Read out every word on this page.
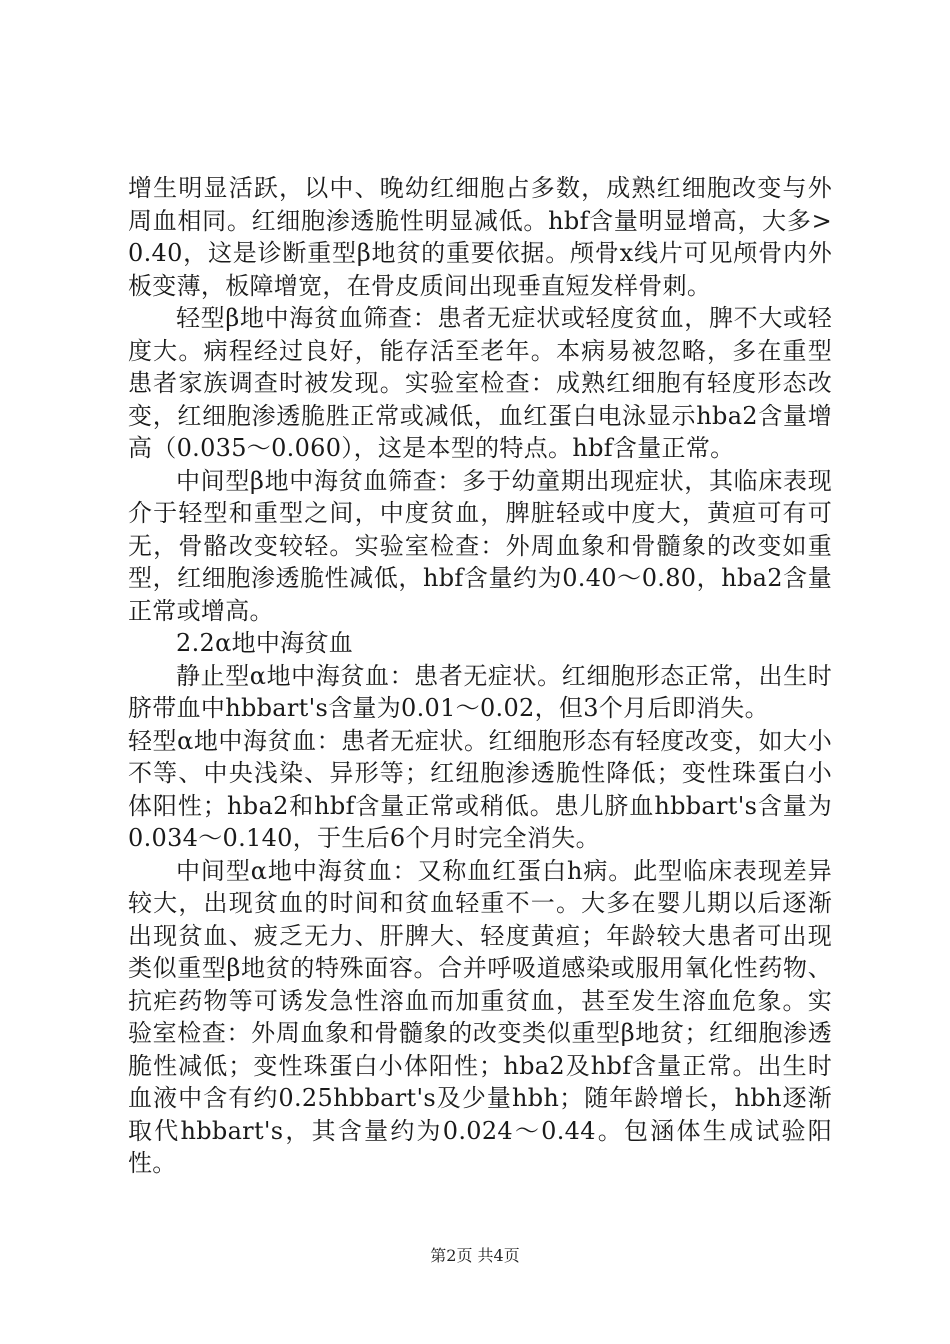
增生明显活跃，以中、晚幼红细胞占多数，成熟红细胞改变与外周血相同。红细胞渗透脆性明显减低。hbf含量明显增高，大多>0.40，这是诊断重型β地贫的重要依据。颅骨x线片可见颅骨内外板变薄，板障增宽，在骨皮质间出现垂直短发样骨刺。

轻型β地中海贫血筛查：患者无症状或轻度贫血，脾不大或轻度大。病程经过良好，能存活至老年。本病易被忽略，多在重型患者家族调查时被发现。实验室检查：成熟红细胞有轻度形态改变，红细胞渗透脆胜正常或减低，血红蛋白电泳显示hba2含量增高（0.035～0.060），这是本型的特点。hbf含量正常。

中间型β地中海贫血筛查：多于幼童期出现症状，其临床表现介于轻型和重型之间，中度贫血，脾脏轻或中度大，黄疸可有可无，骨骼改变较轻。实验室检查：外周血象和骨髓象的改变如重型，红细胞渗透脆性减低，hbf含量约为0.40～0.80，hba2含量正常或增高。

2.2α地中海贫血

静止型α地中海贫血：患者无症状。红细胞形态正常，出生时脐带血中hbbart's含量为0.01～0.02，但3个月后即消失。

轻型α地中海贫血：患者无症状。红细胞形态有轻度改变，如大小不等、中央浅染、异形等；红纽胞渗透脆性降低；变性珠蛋白小体阳性；hba2和hbf含量正常或稍低。患儿脐血hbbart's含量为0.034～0.140，于生后6个月时完全消失。

中间型α地中海贫血：又称血红蛋白h病。此型临床表现差异较大，出现贫血的时间和贫血轻重不一。大多在婴儿期以后逐渐出现贫血、疲乏无力、肝脾大、轻度黄疸；年龄较大患者可出现类似重型β地贫的特殊面容。合并呼吸道感染或服用氧化性药物、抗疟药物等可诱发急性溶血而加重贫血，甚至发生溶血危象。实验室检查：外周血象和骨髓象的改变类似重型β地贫；红细胞渗透脆性减低；变性珠蛋白小体阳性；hba2及hbf含量正常。出生时血液中含有约0.25hbbart's及少量hbh；随年龄增长，hbh逐渐取代hbbart's，其含量约为0.024～0.44。包涵体生成试验阳性。

第2页 共4页
